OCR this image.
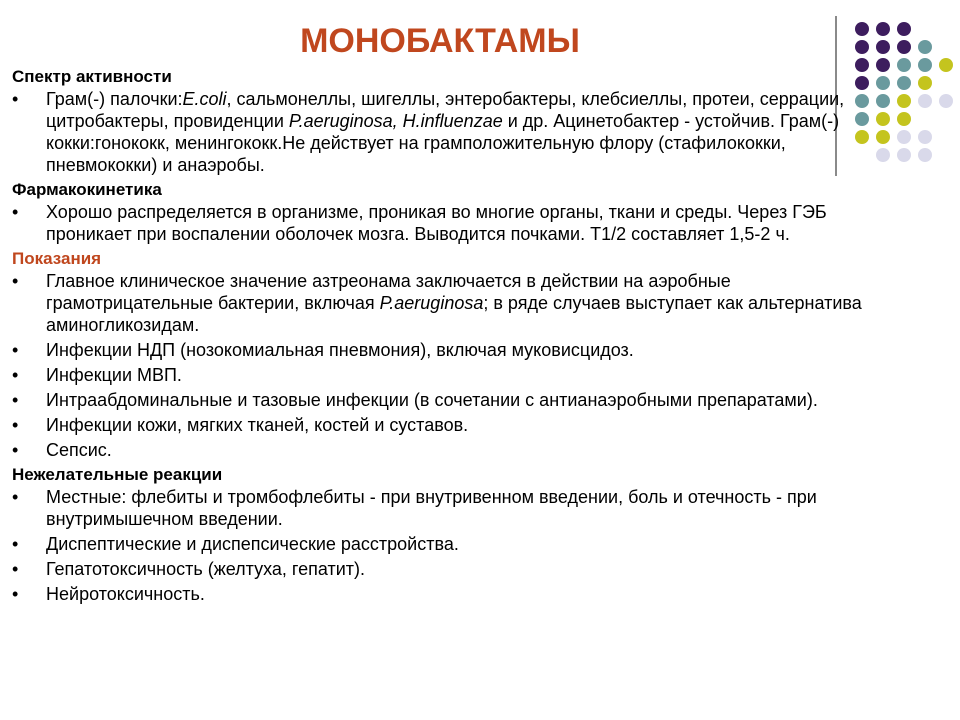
МОНОБАКТАМЫ
Спектр активности
• Грам(-) палочки:E.coli, сальмонеллы, шигеллы, энтеробактеры, клебсиеллы, протеи, серрации, цитробактеры, провиденции P.aeruginosa, H.influenzae и др. Ацинетобактер - устойчив. Грам(-) кокки:гонококк, менингококк.Не действует на грамположительную флору (стафилококки, пневмококки) и анаэробы.
Фармакокинетика
• Хорошо распределяется в организме, проникая во многие органы, ткани и среды. Через ГЭБ проникает при воспалении оболочек мозга. Выводится почками. Т1/2 составляет 1,5-2 ч.
Показания
• Главное клиническое значение азтреонама заключается в действии на аэробные грамотрицательные бактерии, включая P.aeruginosa; в ряде случаев выступает как альтернатива аминогликозидам.
• Инфекции НДП (нозокомиальная пневмония), включая муковисцидоз.
• Инфекции МВП.
• Интраабдоминальные и тазовые инфекции (в сочетании с антианаэробными препаратами).
• Инфекции кожи, мягких тканей, костей и суставов.
• Сепсис.
Нежелательные реакции
• Местные: флебиты и тромбофлебиты - при внутривенном введении, боль и отечность - при внутримышечном введении.
• Диспептические и диспепсические расстройства.
• Гепатотоксичность (желтуха, гепатит).
• Нейротоксичность.
